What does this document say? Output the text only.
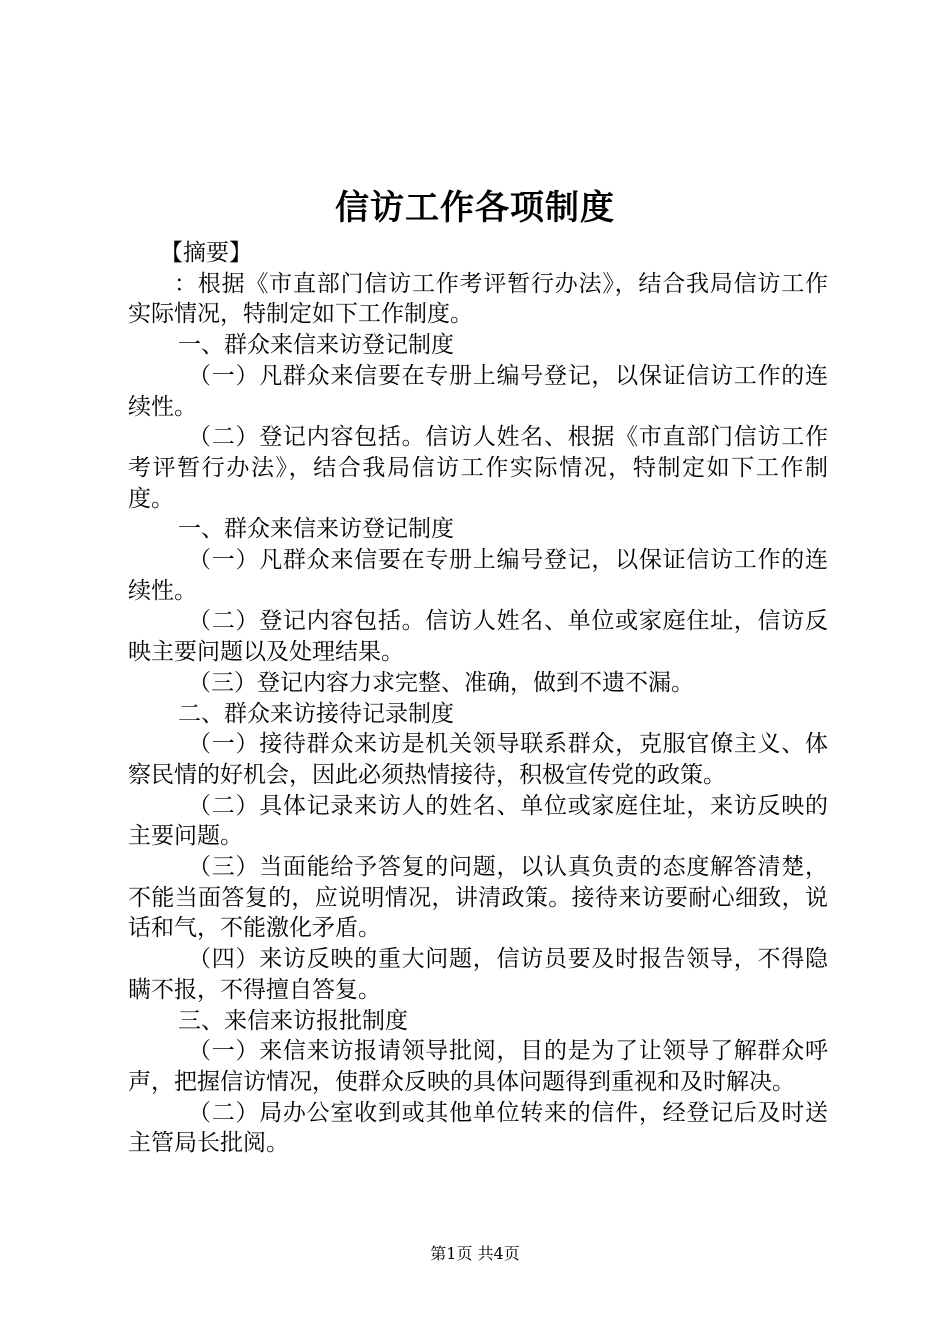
信访工作各项制度

【摘要】

：根据《市直部门信访工作考评暂行办法》，结合我局信访工作实际情况，特制定如下工作制度。

一、群众来信来访登记制度

（一）凡群众来信要在专册上编号登记，以保证信访工作的连续性。

（二）登记内容包括。信访人姓名、根据《市直部门信访工作考评暂行办法》，结合我局信访工作实际情况，特制定如下工作制度。

一、群众来信来访登记制度

（一）凡群众来信要在专册上编号登记，以保证信访工作的连续性。

（二）登记内容包括。信访人姓名、单位或家庭住址，信访反映主要问题以及处理结果。

（三）登记内容力求完整、准确，做到不遗不漏。

二、群众来访接待记录制度

（一）接待群众来访是机关领导联系群众，克服官僚主义、体察民情的好机会，因此必须热情接待，积极宣传党的政策。

（二）具体记录来访人的姓名、单位或家庭住址，来访反映的主要问题。

（三）当面能给予答复的问题，以认真负责的态度解答清楚，不能当面答复的，应说明情况，讲清政策。接待来访要耐心细致，说话和气，不能激化矛盾。

（四）来访反映的重大问题，信访员要及时报告领导，不得隐瞒不报，不得擅自答复。

三、来信来访报批制度

（一）来信来访报请领导批阅，目的是为了让领导了解群众呼声，把握信访情况，使群众反映的具体问题得到重视和及时解决。

（二）局办公室收到或其他单位转来的信件，经登记后及时送主管局长批阅。

第1页 共4页
